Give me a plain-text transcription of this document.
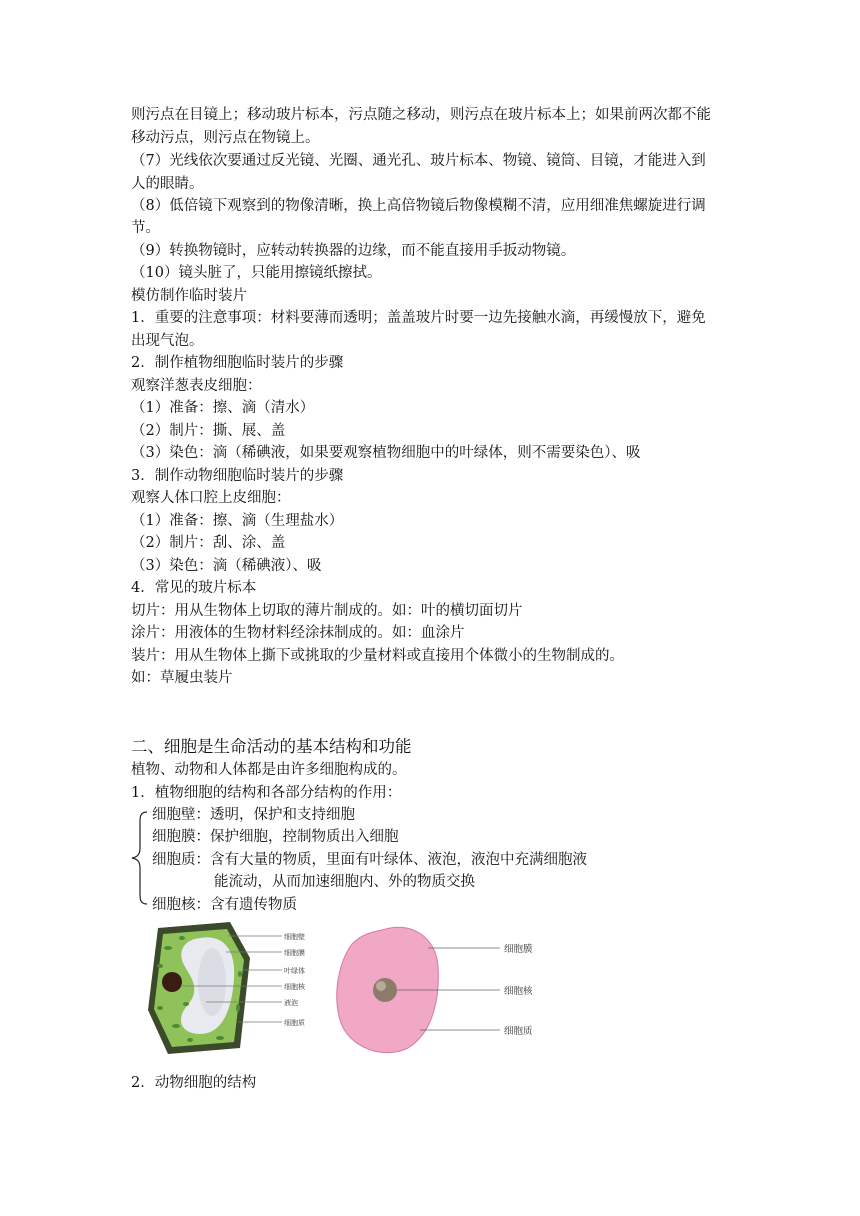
则污点在目镜上；移动玻片标本，污点随之移动，则污点在玻片标本上；如果前两次都不能
移动污点，则污点在物镜上。
（7）光线依次要通过反光镜、光圈、通光孔、玻片标本、物镜、镜筒、目镜，才能进入到
人的眼睛。
（8）低倍镜下观察到的物像清晰，换上高倍物镜后物像模糊不清，应用细准焦螺旋进行调
节。
（9）转换物镜时，应转动转换器的边缘，而不能直接用手扳动物镜。
（10）镜头脏了，只能用擦镜纸擦拭。
模仿制作临时装片
1．重要的注意事项：材料要薄而透明；盖盖玻片时要一边先接触水滴，再缓慢放下，避免
出现气泡。
2．制作植物细胞临时装片的步骤
观察洋葱表皮细胞：
（1）准备：擦、滴（清水）
（2）制片：撕、展、盖
（3）染色：滴（稀碘液，如果要观察植物细胞中的叶绿体，则不需要染色）、吸
3．制作动物细胞临时装片的步骤
观察人体口腔上皮细胞：
（1）准备：擦、滴（生理盐水）
（2）制片：刮、涂、盖
（3）染色：滴（稀碘液）、吸
4．常见的玻片标本
切片：用从生物体上切取的薄片制成的。如：叶的横切面切片
涂片：用液体的生物材料经涂抹制成的。如：血涂片
装片：用从生物体上撕下或挑取的少量材料或直接用个体微小的生物制成的。
如：草履虫装片
二、细胞是生命活动的基本结构和功能
植物、动物和人体都是由许多细胞构成的。
1．植物细胞的结构和各部分结构的作用：
细胞壁：透明，保护和支持细胞
细胞膜：保护细胞，控制物质出入细胞
细胞质：含有大量的物质，里面有叶绿体、液泡，液泡中充满细胞液
能流动，从而加速细胞内、外的物质交换
细胞核：含有遗传物质
细胞壁
细胞膜
叶绿体
细胞核
液泡
细胞质
细胞膜
细胞核
细胞质
2．动物细胞的结构
